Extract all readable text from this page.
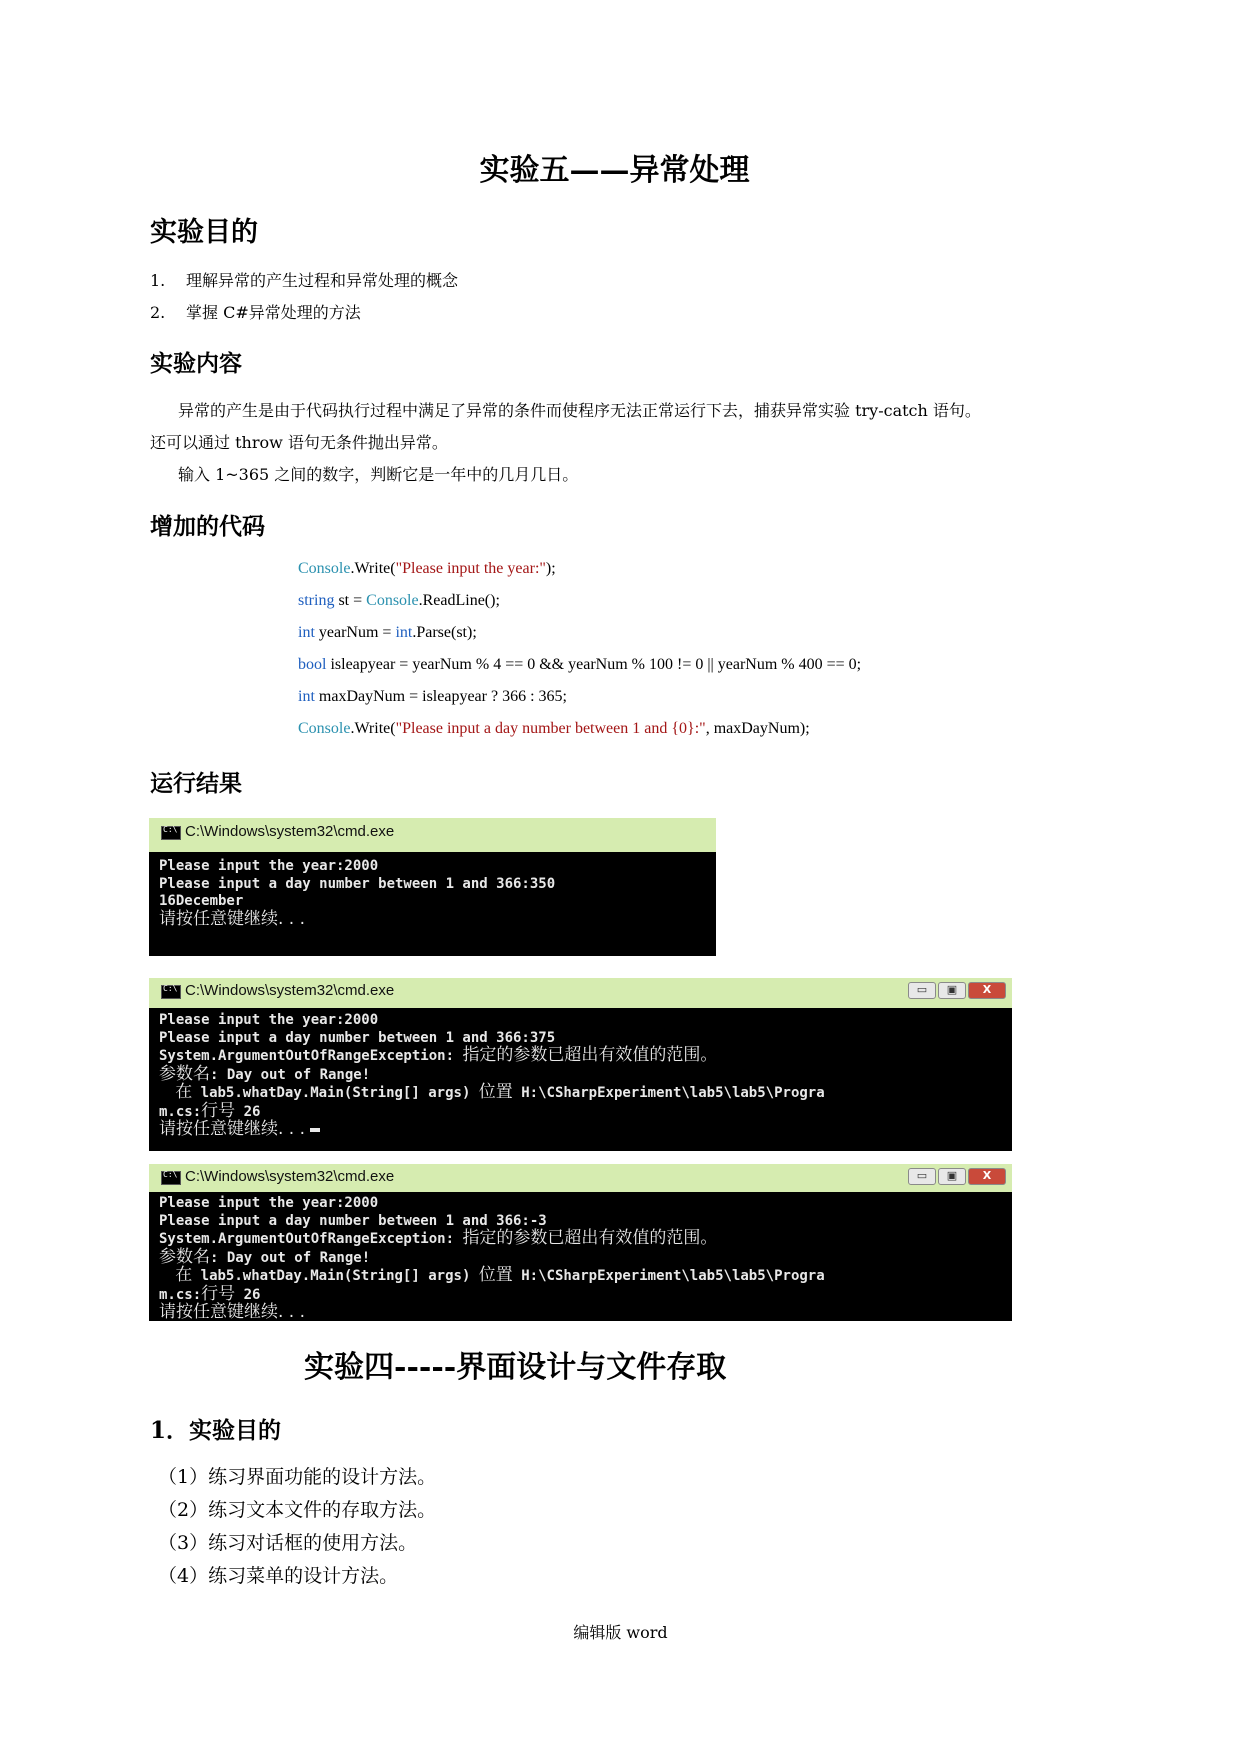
实验五——异常处理
实验目的
1. 理解异常的产生过程和异常处理的概念
2. 掌握 C#异常处理的方法
实验内容
异常的产生是由于代码执行过程中满足了异常的条件而使程序无法正常运行下去，捕获异常实验 try-catch 语句。
还可以通过 throw 语句无条件抛出异常。
输入 1~365 之间的数字，判断它是一年中的几月几日。
增加的代码
Console.Write("Please input the year:");
string st = Console.ReadLine();
int yearNum = int.Parse(st);
bool isleapyear = yearNum % 4 == 0 && yearNum % 100 != 0 || yearNum % 400 == 0;
int maxDayNum = isleapyear ? 366 : 365;
Console.Write("Please input a day number between 1 and {0}:", maxDayNum);
运行结果
C:\
C:\Windows\system32\cmd.exe
Please input the year:2000
Please input a day number between 1 and 366:350
16December
请按任意键继续. . .
C:\
C:\Windows\system32\cmd.exe	▭ ▣ X
Please input the year:2000
Please input a day number between 1 and 366:375
System.ArgumentOutOfRangeException: 指定的参数已超出有效值的范围。
参数名: Day out of Range!
在 lab5.whatDay.Main(String[] args) 位置 H:\CSharpExperiment\lab5\lab5\Progra
m.cs:行号 26
请按任意键继续. . .
C:\
C:\Windows\system32\cmd.exe	▭ ▣ X
Please input the year:2000
Please input a day number between 1 and 366:-3
System.ArgumentOutOfRangeException: 指定的参数已超出有效值的范围。
参数名: Day out of Range!
在 lab5.whatDay.Main(String[] args) 位置 H:\CSharpExperiment\lab5\lab5\Progra
m.cs:行号 26
请按任意键继续. . .
实验四-----界面设计与文件存取
1．实验目的
（1）练习界面功能的设计方法。
（2）练习文本文件的存取方法。
（3）练习对话框的使用方法。
（4）练习菜单的设计方法。
编辑版 word
